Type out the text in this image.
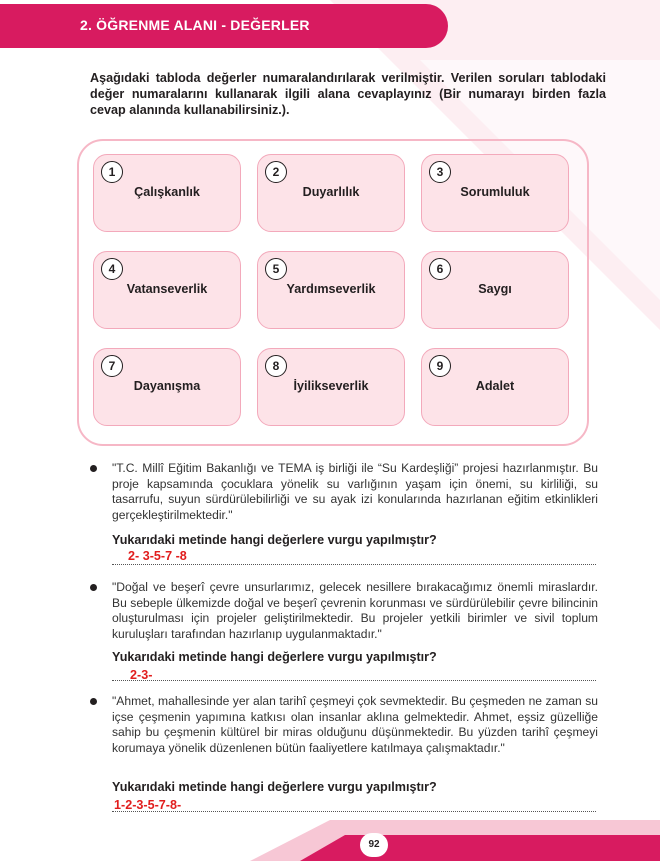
2. ÖĞRENME ALANI - DEĞERLER
Aşağıdaki tabloda değerler numaralandırılarak verilmiştir. Verilen soruları tablodaki değer numaralarını kullanarak ilgili alana cevaplayınız (Bir numarayı birden fazla cevap alanında kullanabilirsiniz.).
1
Çalışkanlık
2
Duyarlılık
3
Sorumluluk
4
Vatanseverlik
5
Yardımseverlik
6
Saygı
7
Dayanışma
8
İyilikseverlik
9
Adalet
"T.C. Millî Eğitim Bakanlığı ve TEMA iş birliği ile “Su Kardeşliği” projesi hazırlanmıştır. Bu proje kapsamında çocuklara yönelik su varlığının yaşam için önemi, su kirliliği, su tasarrufu, suyun sürdürülebilirliği ve su ayak izi konularında hazırlanan eğitim etkinlikleri gerçekleştirilmektedir."
Yukarıdaki metinde hangi değerlere vurgu yapılmıştır?
2- 3-5-7 -8
"Doğal ve beşerî çevre unsurlarımız, gelecek nesillere bırakacağımız önemli miraslardır. Bu sebeple ülkemizde doğal ve beşerî çevrenin korunması ve sürdürülebilir çevre bilincinin oluşturulması için projeler geliştirilmektedir. Bu projeler yetkili birimler ve sivil toplum kuruluşları tarafından hazırlanıp uygulanmaktadır."
Yukarıdaki metinde hangi değerlere vurgu yapılmıştır?
2-3-
"Ahmet, mahallesinde yer alan tarihî çeşmeyi çok sevmektedir. Bu çeşmeden ne zaman su içse çeşmenin yapımına katkısı olan insanlar aklına gelmektedir. Ahmet, eşsiz güzelliğe sahip bu çeşmenin kültürel bir miras olduğunu düşünmektedir. Bu yüzden tarihî çeşmeyi korumaya yönelik düzenlenen bütün faaliyetlere katılmaya çalışmaktadır."
Yukarıdaki metinde hangi değerlere vurgu yapılmıştır?
1-2-3-5-7-8-
92
